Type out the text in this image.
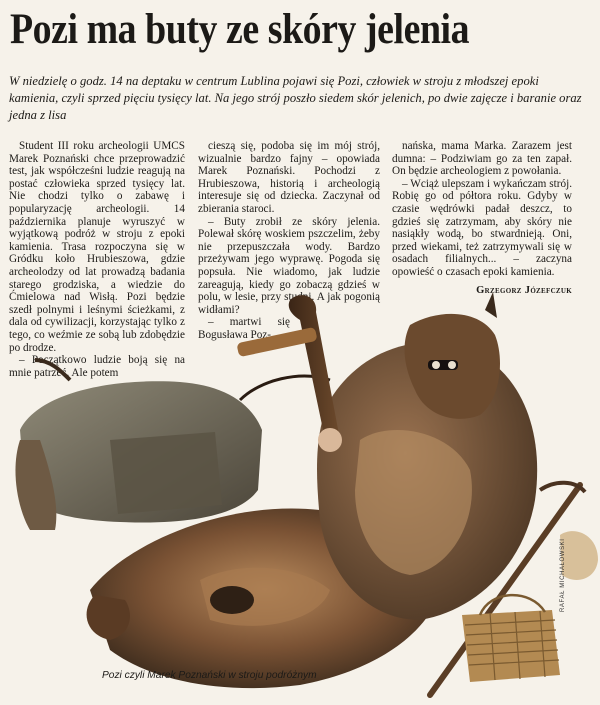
Pozi ma buty ze skóry jelenia
W niedzielę o godz. 14 na deptaku w centrum Lublina pojawi się Pozi, człowiek w stroju z młodszej epoki kamienia, czyli sprzed pięciu tysięcy lat. Na jego strój poszło siedem skór jelenich, po dwie zajęcze i baranie oraz jedna z lisa

Student III roku archeologii UMCS Marek Poznański chce przeprowadzić test, jak współcześni ludzie reagują na postać człowieka sprzed tysięcy lat. Nie chodzi tylko o zabawę i popularyzację archeologii. 14 października planuje wyruszyć w wyjątkową podróż w stroju z epoki kamienia. Trasa rozpoczyna się w Gródku koło Hrubieszowa, gdzie archeolodzy od lat prowadzą badania starego grodziska, a wiedzie do Ćmielowa nad Wisłą. Pozi będzie szedł polnymi i leśnymi ścieżkami, z dala od cywilizacji, korzystając tylko z tego, co weźmie ze sobą lub zdobędzie po drodze.

– Początkowo ludzie boją się na mnie patrzeć. Ale potem

cieszą się, podoba się im mój strój, wizualnie bardzo fajny – opowiada Marek Poznański. Pochodzi z Hrubieszowa, historią i archeologią interesuje się od dziecka. Zaczynał od zbierania staroci.

– Buty zrobił ze skóry jelenia. Polewał skórę woskiem pszczelim, żeby nie przepuszczała wody. Bardzo przeżywam jego wyprawę. Pogoda się popsuła. Nie wiadomo, jak ludzie zareagują, kiedy go zobaczą gdzieś w polu, w lesie, przy studni. A jak pogonią widłami?

– martwi się Bogusława Poz-

nańska, mama Marka. Zarazem jest dumna: – Podziwiam go za ten zapał. On będzie archeologiem z powołania.

– Wciąż ulepszam i wykańczam strój. Robię go od półtora roku. Gdyby w czasie wędrówki padał deszcz, to gdzieś się zatrzymam, aby skóry nie nasiąkły wodą, bo stwardnieją. Oni, przed wiekami, też zatrzymywali się w osadach filialnych... – zaczyna opowieść o czasach epoki kamienia.

Grzegorz Józefczuk
Pozi czyli Marek Poznański w stroju podróżnym
RAFAŁ MICHAŁOWSKI
